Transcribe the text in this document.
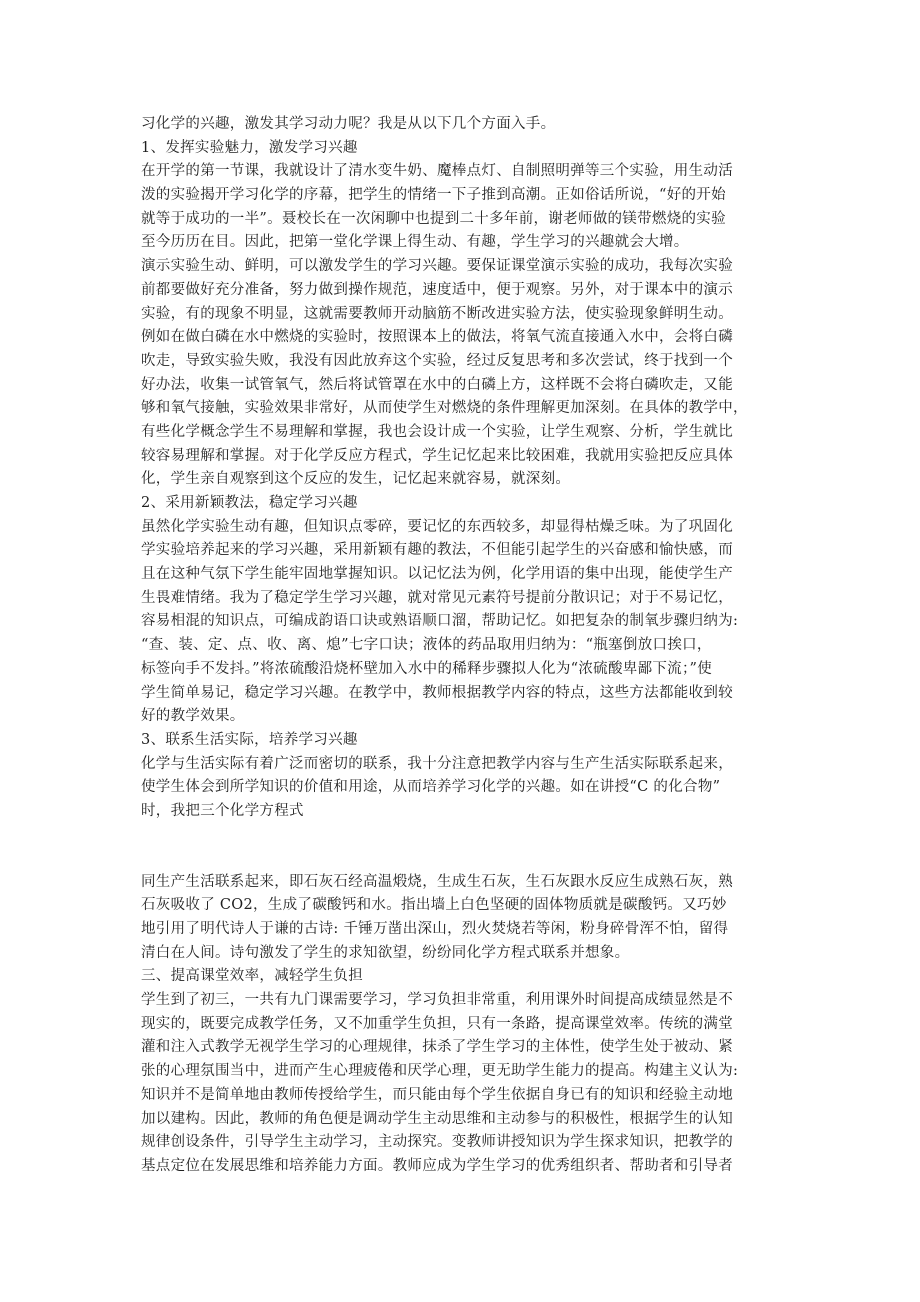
习化学的兴趣，激发其学习动力呢？我是从以下几个方面入手。
1、发挥实验魅力，激发学习兴趣
在开学的第一节课，我就设计了清水变牛奶、魔棒点灯、自制照明弹等三个实验，用生动活
泼的实验揭开学习化学的序幕，把学生的情绪一下子推到高潮。正如俗话所说，“好的开始
就等于成功的一半”。聂校长在一次闲聊中也提到二十多年前，谢老师做的镁带燃烧的实验
至今历历在目。因此，把第一堂化学课上得生动、有趣，学生学习的兴趣就会大增。
演示实验生动、鲜明，可以激发学生的学习兴趣。要保证课堂演示实验的成功，我每次实验
前都要做好充分准备，努力做到操作规范，速度适中，便于观察。另外，对于课本中的演示
实验，有的现象不明显，这就需要教师开动脑筋不断改进实验方法，使实验现象鲜明生动。
例如在做白磷在水中燃烧的实验时，按照课本上的做法，将氧气流直接通入水中，会将白磷
吹走，导致实验失败，我没有因此放弃这个实验，经过反复思考和多次尝试，终于找到一个
好办法，收集一试管氧气，然后将试管罩在水中的白磷上方，这样既不会将白磷吹走，又能
够和氧气接触，实验效果非常好，从而使学生对燃烧的条件理解更加深刻。在具体的教学中，
有些化学概念学生不易理解和掌握，我也会设计成一个实验，让学生观察、分析，学生就比
较容易理解和掌握。对于化学反应方程式，学生记忆起来比较困难，我就用实验把反应具体
化，学生亲自观察到这个反应的发生，记忆起来就容易，就深刻。
2、采用新颖教法，稳定学习兴趣
虽然化学实验生动有趣，但知识点零碎，要记忆的东西较多，却显得枯燥乏味。为了巩固化
学实验培养起来的学习兴趣，采用新颖有趣的教法，不但能引起学生的兴奋感和愉快感，而
且在这种气氛下学生能牢固地掌握知识。以记忆法为例，化学用语的集中出现，能使学生产
生畏难情绪。我为了稳定学生学习兴趣，就对常见元素符号提前分散识记；对于不易记忆，
容易相混的知识点，可编成韵语口诀或熟语顺口溜，帮助记忆。如把复杂的制氧步骤归纳为:
“查、装、定、点、收、离、熄”七字口诀；液体的药品取用归纳为：“瓶塞倒放口挨口，
标签向手不发抖。”将浓硫酸沿烧杯壁加入水中的稀释步骤拟人化为“浓硫酸卑鄙下流；”使
学生简单易记，稳定学习兴趣。在教学中，教师根据教学内容的特点，这些方法都能收到较
好的教学效果。
3、联系生活实际，培养学习兴趣
化学与生活实际有着广泛而密切的联系，我十分注意把教学内容与生产生活实际联系起来，
使学生体会到所学知识的价值和用途，从而培养学习化学的兴趣。如在讲授“C 的化合物”
时，我把三个化学方程式
同生产生活联系起来，即石灰石经高温煅烧，生成生石灰，生石灰跟水反应生成熟石灰，熟
石灰吸收了 CO2，生成了碳酸钙和水。指出墙上白色坚硬的固体物质就是碳酸钙。又巧妙
地引用了明代诗人于谦的古诗: 千锤万凿出深山，烈火焚烧若等闲，粉身碎骨浑不怕，留得
清白在人间。诗句激发了学生的求知欲望，纷纷同化学方程式联系并想象。
三、提高课堂效率，减轻学生负担
学生到了初三，一共有九门课需要学习，学习负担非常重，利用课外时间提高成绩显然是不
现实的，既要完成教学任务，又不加重学生负担，只有一条路，提高课堂效率。传统的满堂
灌和注入式教学无视学生学习的心理规律，抹杀了学生学习的主体性，使学生处于被动、紧
张的心理氛围当中，进而产生心理疲倦和厌学心理，更无助学生能力的提高。构建主义认为:
知识并不是简单地由教师传授给学生，而只能由每个学生依据自身已有的知识和经验主动地
加以建构。因此，教师的角色便是调动学生主动思维和主动参与的积极性，根据学生的认知
规律创设条件，引导学生主动学习，主动探究。变教师讲授知识为学生探求知识，把教学的
基点定位在发展思维和培养能力方面。教师应成为学生学习的优秀组织者、帮助者和引导者
